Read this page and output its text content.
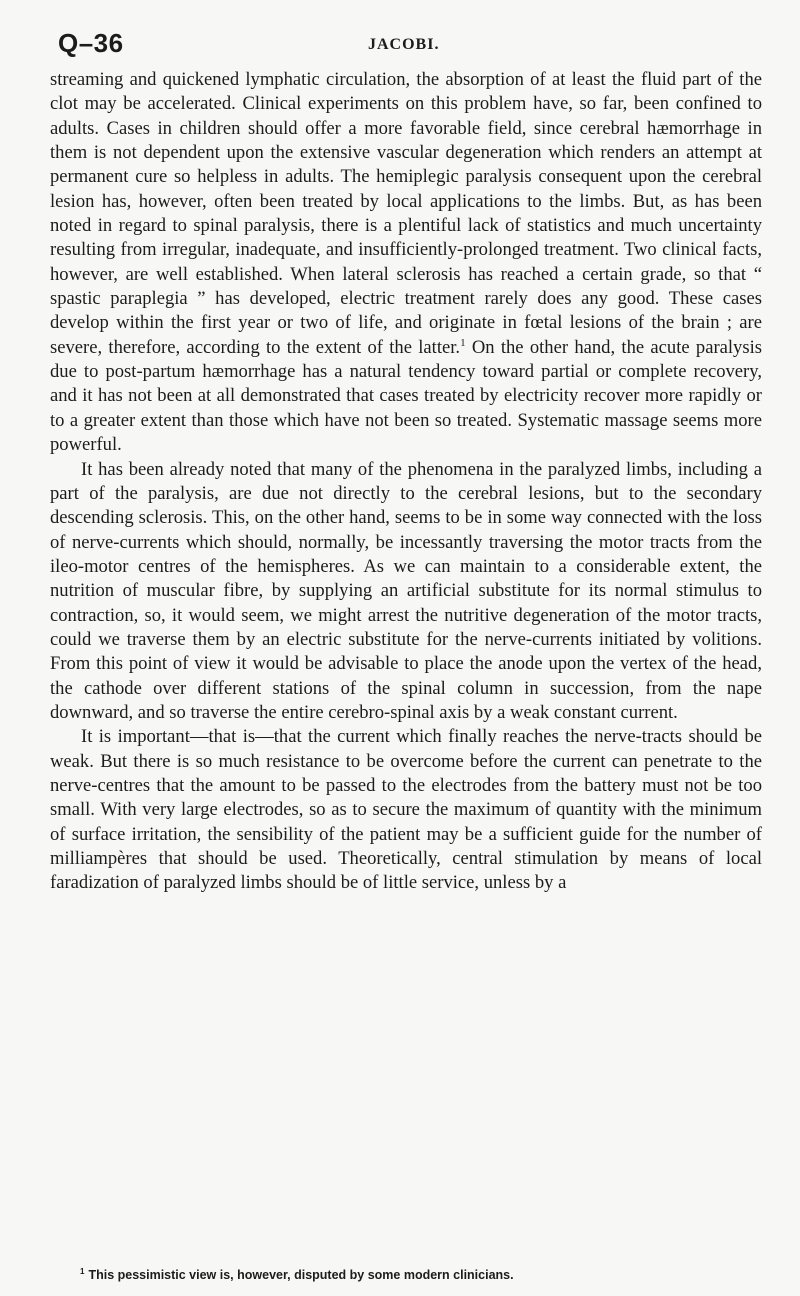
Q–36	JACOBI.

streaming and quickened lymphatic circulation, the absorption of at least the fluid part of the clot may be accelerated. Clinical experiments on this problem have, so far, been confined to adults. Cases in children should offer a more favorable field, since cerebral hæmorrhage in them is not dependent upon the extensive vascular degeneration which renders an attempt at permanent cure so helpless in adults. The hemiplegic paralysis consequent upon the cerebral lesion has, however, often been treated by local applications to the limbs. But, as has been noted in regard to spinal paralysis, there is a plentiful lack of statistics and much uncertainty resulting from irregular, inadequate, and insufficiently-prolonged treatment. Two clinical facts, however, are well established. When lateral sclerosis has reached a certain grade, so that “ spastic paraplegia ” has developed, electric treatment rarely does any good. These cases develop within the first year or two of life, and originate in fœtal lesions of the brain ; are severe, therefore, according to the extent of the latter.$^1$ On the other hand, the acute paralysis due to post-partum hæmorrhage has a natural tendency toward partial or complete recovery, and it has not been at all demonstrated that cases treated by electricity recover more rapidly or to a greater extent than those which have not been so treated. Systematic massage seems more powerful.

It has been already noted that many of the phenomena in the paralyzed limbs, including a part of the paralysis, are due not directly to the cerebral lesions, but to the secondary descending sclerosis. This, on the other hand, seems to be in some way connected with the loss of nerve-currents which should, normally, be incessantly traversing the motor tracts from the ileo-motor centres of the hemispheres. As we can maintain to a considerable extent, the nutrition of muscular fibre, by supplying an artificial substitute for its normal stimulus to contraction, so, it would seem, we might arrest the nutritive degeneration of the motor tracts, could we traverse them by an electric substitute for the nerve-currents initiated by volitions. From this point of view it would be advisable to place the anode upon the vertex of the head, the cathode over different stations of the spinal column in succession, from the nape downward, and so traverse the entire cerebro-spinal axis by a weak constant current.

It is important—that is—that the current which finally reaches the nerve-tracts should be weak. But there is so much resistance to be overcome before the current can penetrate to the nerve-centres that the amount to be passed to the electrodes from the battery must not be too small. With very large electrodes, so as to secure the maximum of quantity with the minimum of surface irritation, the sensibility of the patient may be a sufficient guide for the number of milliampères that should be used. Theoretically, central stimulation by means of local faradization of paralyzed limbs should be of little service, unless by a

$^1$ This pessimistic view is, however, disputed by some modern clinicians.
